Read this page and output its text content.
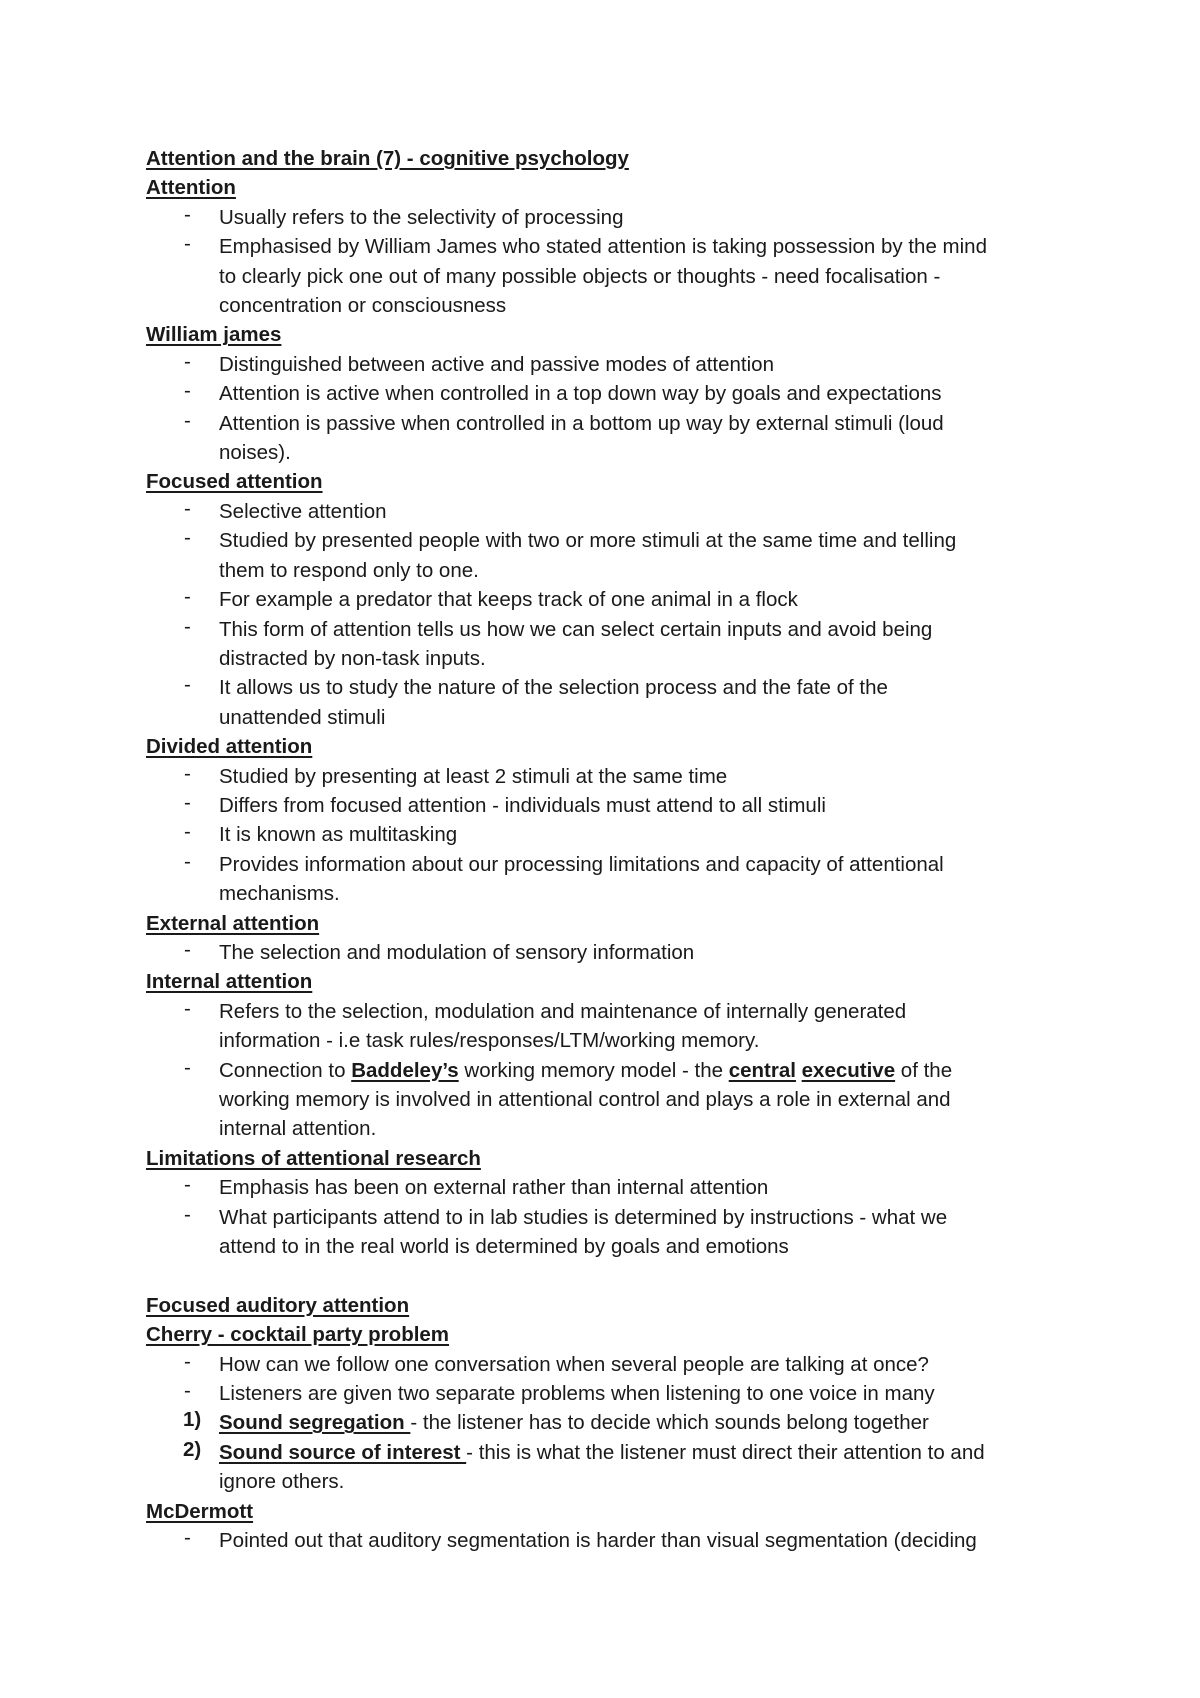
Attention and the brain (7) - cognitive psychology
Attention
- Usually refers to the selectivity of processing
- Emphasised by William James who stated attention is taking possession by the mind
to clearly pick one out of many possible objects or thoughts - need focalisation -
concentration or consciousness
William james
- Distinguished between active and passive modes of attention
- Attention is active when controlled in a top down way by goals and expectations
- Attention is passive when controlled in a bottom up way by external stimuli (loud
noises).
Focused attention
- Selective attention
- Studied by presented people with two or more stimuli at the same time and telling
them to respond only to one.
- For example a predator that keeps track of one animal in a flock
- This form of attention tells us how we can select certain inputs and avoid being
distracted by non-task inputs.
- It allows us to study the nature of the selection process and the fate of the
unattended stimuli
Divided attention
- Studied by presenting at least 2 stimuli at the same time
- Differs from focused attention - individuals must attend to all stimuli
- It is known as multitasking
- Provides information about our processing limitations and capacity of attentional
mechanisms.
External attention
- The selection and modulation of sensory information
Internal attention
- Refers to the selection, modulation and maintenance of internally generated
information - i.e task rules/responses/LTM/working memory.
- Connection to Baddeley’s working memory model - the central executive of the
working memory is involved in attentional control and plays a role in external and
internal attention.
Limitations of attentional research
- Emphasis has been on external rather than internal attention
- What participants attend to in lab studies is determined by instructions - what we
attend to in the real world is determined by goals and emotions
Focused auditory attention
Cherry - cocktail party problem
- How can we follow one conversation when several people are talking at once?
- Listeners are given two separate problems when listening to one voice in many
1) Sound segregation - the listener has to decide which sounds belong together
2) Sound source of interest - this is what the listener must direct their attention to and
ignore others.
McDermott
- Pointed out that auditory segmentation is harder than visual segmentation (deciding
